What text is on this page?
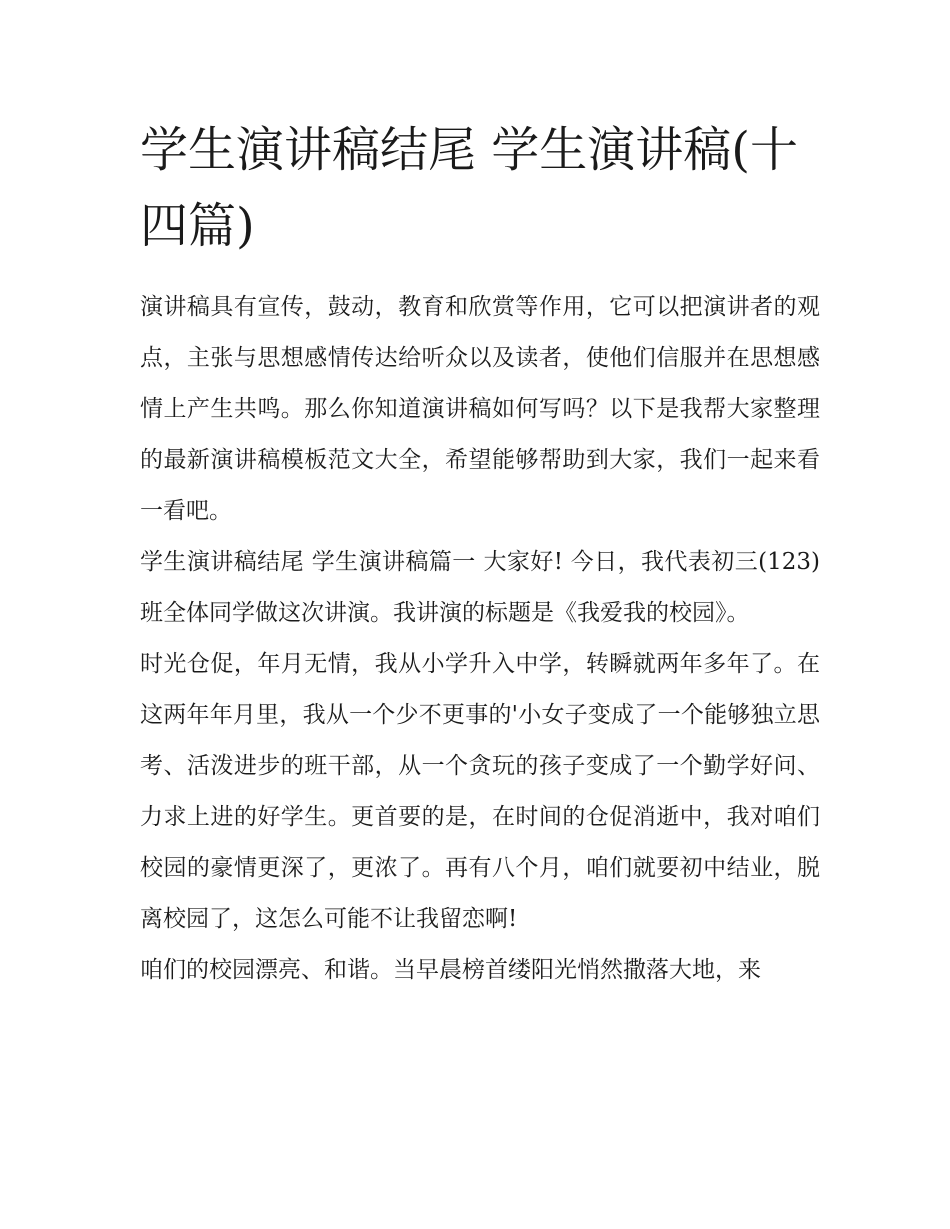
学生演讲稿结尾 学生演讲稿(十四篇)

演讲稿具有宣传，鼓动，教育和欣赏等作用，它可以把演讲者的观点，主张与思想感情传达给听众以及读者，使他们信服并在思想感情上产生共鸣。那么你知道演讲稿如何写吗？以下是我帮大家整理的最新演讲稿模板范文大全，希望能够帮助到大家，我们一起来看一看吧。

学生演讲稿结尾 学生演讲稿篇一 大家好! 今日，我代表初三(123)班全体同学做这次讲演。我讲演的标题是《我爱我的校园》。

时光仓促，年月无情，我从小学升入中学，转瞬就两年多年了。在这两年年月里，我从一个少不更事的'小女子变成了一个能够独立思考、活泼进步的班干部，从一个贪玩的孩子变成了一个勤学好问、力求上进的好学生。更首要的是，在时间的仓促消逝中，我对咱们校园的豪情更深了，更浓了。再有八个月，咱们就要初中结业，脱离校园了，这怎么可能不让我留恋啊!

咱们的校园漂亮、和谐。当早晨榜首缕阳光悄然撒落大地，来
